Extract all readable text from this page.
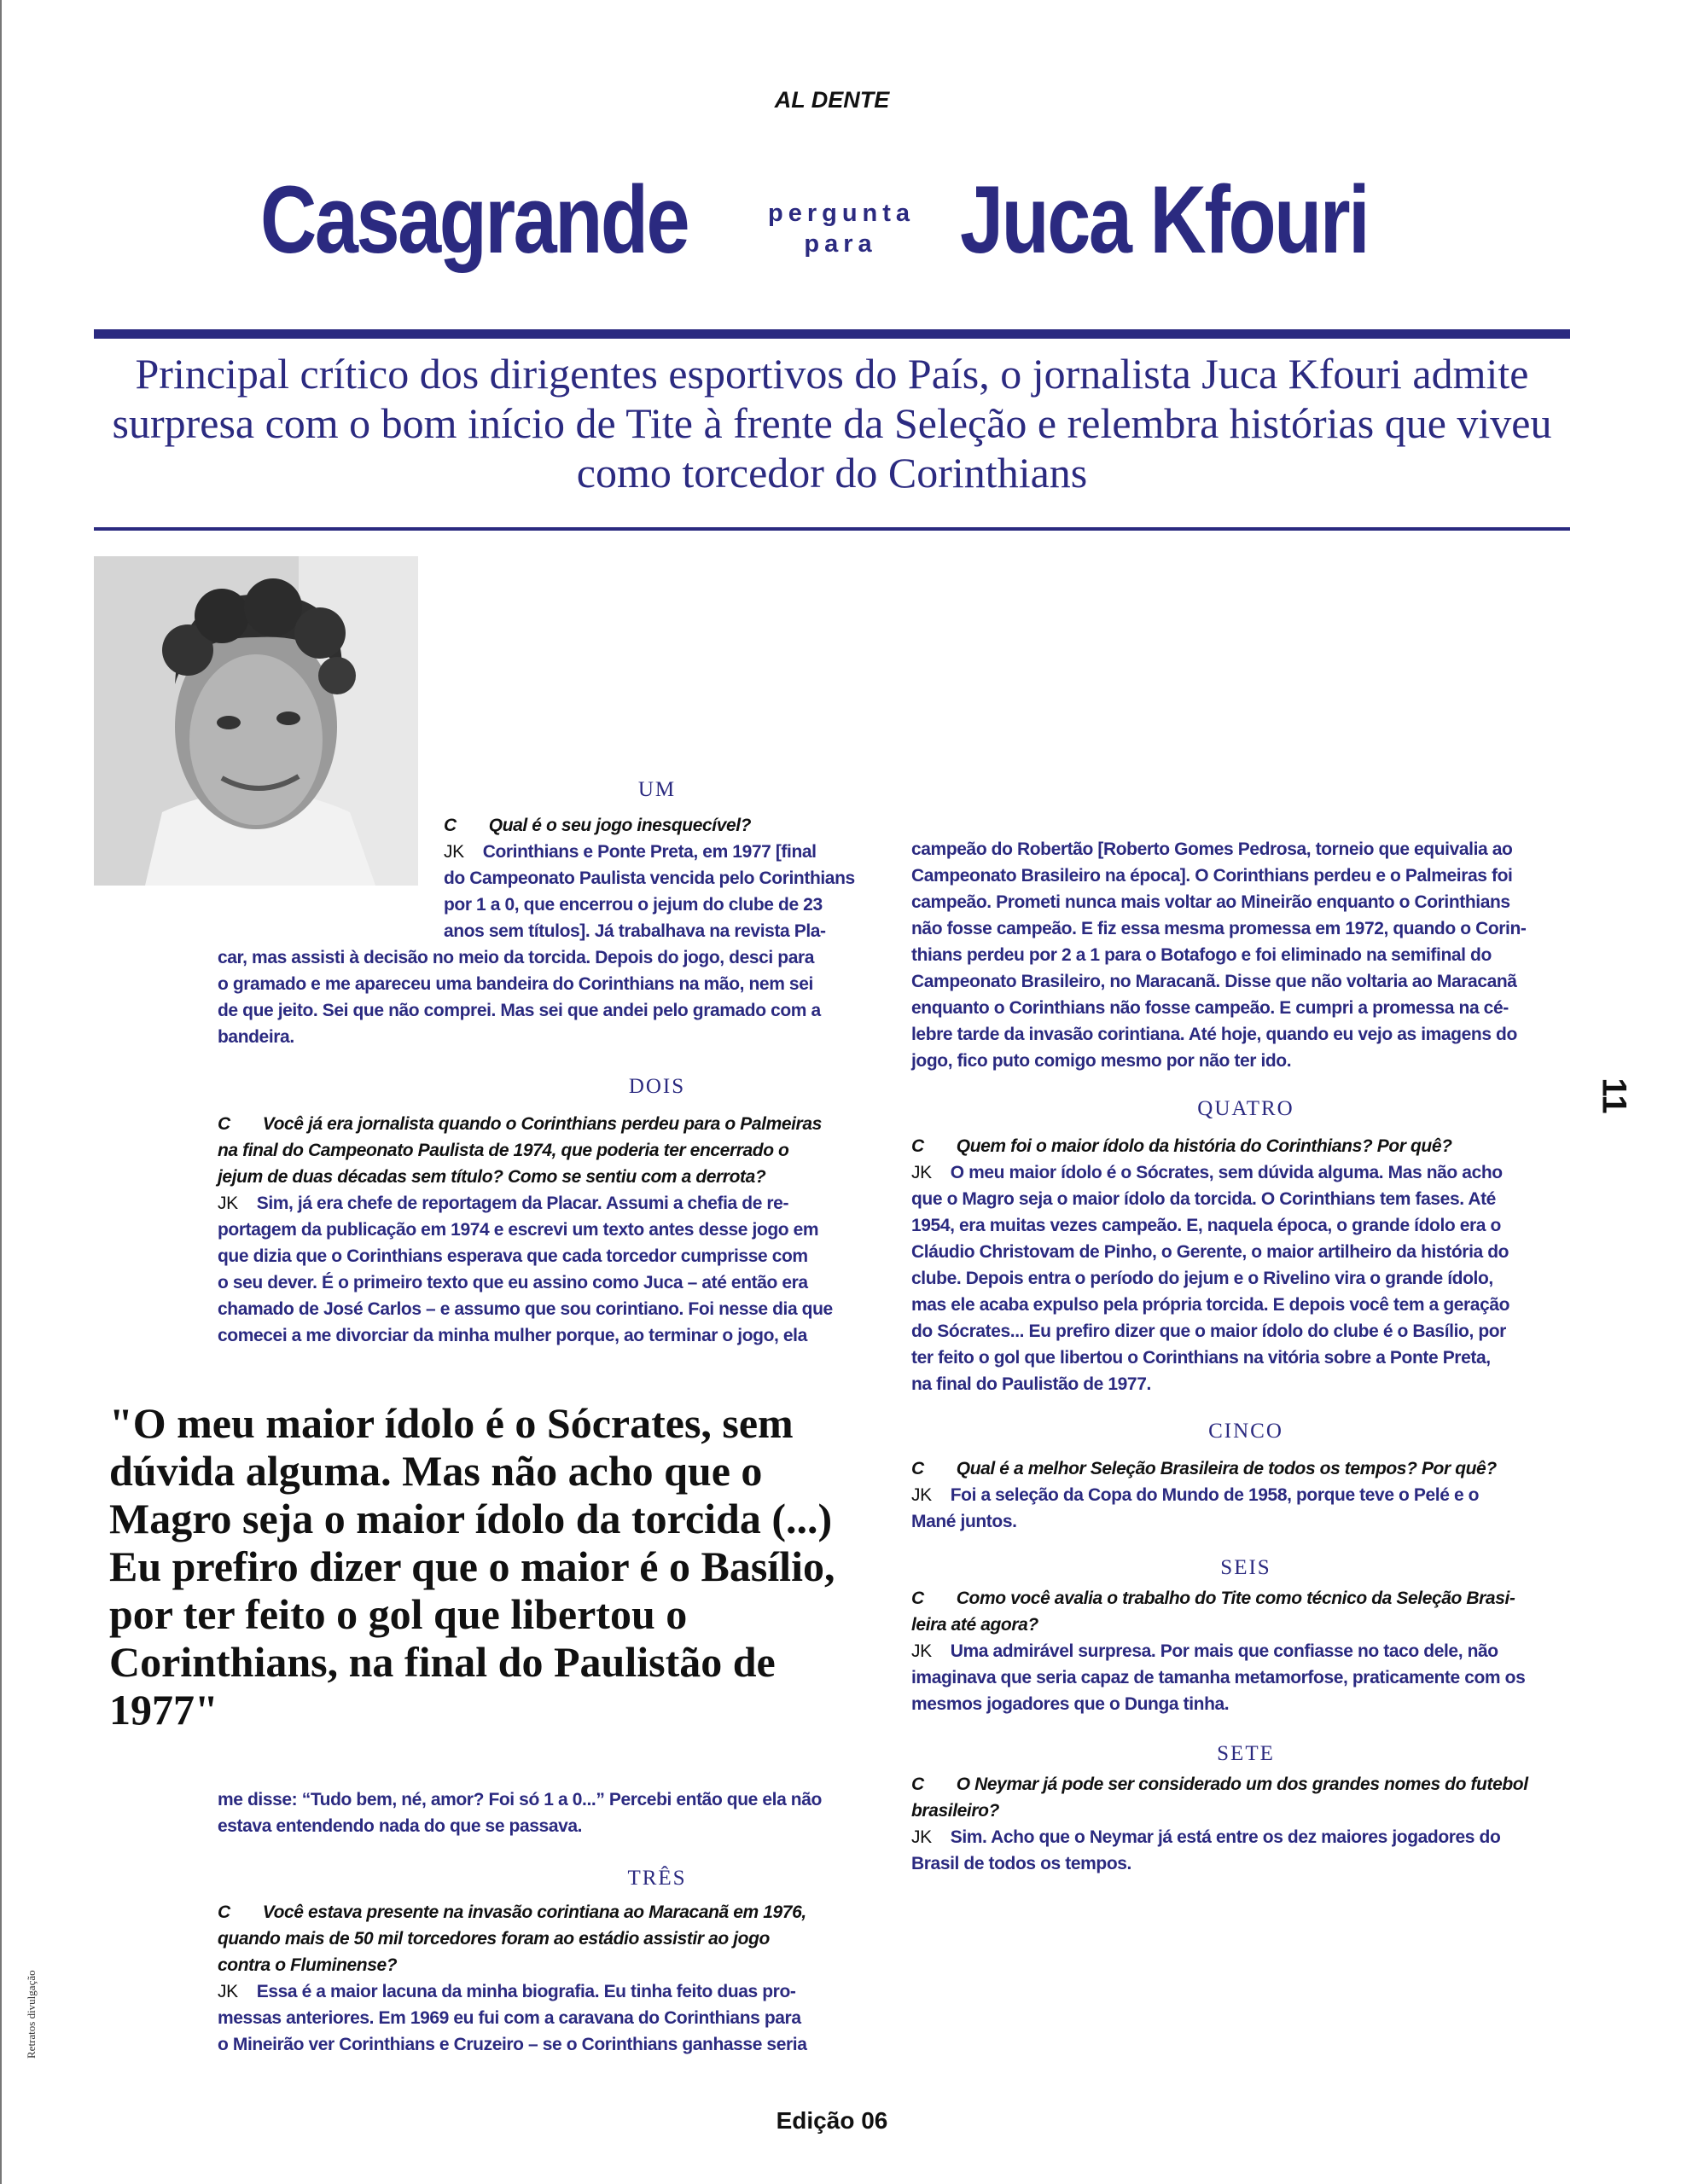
AL DENTE
Casagrande	pergunta
para Juca Kfouri
Principal crítico dos dirigentes esportivos do País, o jornalista Juca Kfouri admite surpresa com o bom início de Tite à frente da Seleção e relembra histórias que viveu como torcedor do Corinthians
UM
C Qual é o seu jogo inesquecível?
JK Corinthians e Ponte Preta, em 1977 [final
do Campeonato Paulista vencida pelo Corinthians
por 1 a 0, que encerrou o jejum do clube de 23
anos sem títulos]. Já trabalhava na revista Pla-
car, mas assisti à decisão no meio da torcida. Depois do jogo, desci para
o gramado e me apareceu uma bandeira do Corinthians na mão, nem sei
de que jeito. Sei que não comprei. Mas sei que andei pelo gramado com a
bandeira.
DOIS
C Você já era jornalista quando o Corinthians perdeu para o Palmeiras
na final do Campeonato Paulista de 1974, que poderia ter encerrado o
jejum de duas décadas sem título? Como se sentiu com a derrota?
JK Sim, já era chefe de reportagem da Placar. Assumi a chefia de re-
portagem da publicação em 1974 e escrevi um texto antes desse jogo em
que dizia que o Corinthians esperava que cada torcedor cumprisse com
o seu dever. É o primeiro texto que eu assino como Juca – até então era
chamado de José Carlos – e assumo que sou corintiano. Foi nesse dia que
comecei a me divorciar da minha mulher porque, ao terminar o jogo, ela
"O meu maior ídolo é o Sócrates, sem dúvida alguma. Mas não acho que o Magro seja o maior ídolo da torcida (...) Eu prefiro dizer que o maior é o Basílio, por ter feito o gol que libertou o Corinthians, na final do Paulistão de 1977"
me disse: “Tudo bem, né, amor? Foi só 1 a 0...” Percebi então que ela não
estava entendendo nada do que se passava.
TRÊS
C Você estava presente na invasão corintiana ao Maracanã em 1976,
quando mais de 50 mil torcedores foram ao estádio assistir ao jogo
contra o Fluminense?
JK Essa é a maior lacuna da minha biografia. Eu tinha feito duas pro-
messas anteriores. Em 1969 eu fui com a caravana do Corinthians para
o Mineirão ver Corinthians e Cruzeiro – se o Corinthians ganhasse seria
campeão do Robertão [Roberto Gomes Pedrosa, torneio que equivalia ao
Campeonato Brasileiro na época]. O Corinthians perdeu e o Palmeiras foi
campeão. Prometi nunca mais voltar ao Mineirão enquanto o Corinthians
não fosse campeão. E fiz essa mesma promessa em 1972, quando o Corin-
thians perdeu por 2 a 1 para o Botafogo e foi eliminado na semifinal do
Campeonato Brasileiro, no Maracanã. Disse que não voltaria ao Maracanã
enquanto o Corinthians não fosse campeão. E cumpri a promessa na cé-
lebre tarde da invasão corintiana. Até hoje, quando eu vejo as imagens do
jogo, fico puto comigo mesmo por não ter ido.
QUATRO
C Quem foi o maior ídolo da história do Corinthians? Por quê?
JK O meu maior ídolo é o Sócrates, sem dúvida alguma. Mas não acho
que o Magro seja o maior ídolo da torcida. O Corinthians tem fases. Até
1954, era muitas vezes campeão. E, naquela época, o grande ídolo era o
Cláudio Christovam de Pinho, o Gerente, o maior artilheiro da história do
clube. Depois entra o período do jejum e o Rivelino vira o grande ídolo,
mas ele acaba expulso pela própria torcida. E depois você tem a geração
do Sócrates... Eu prefiro dizer que o maior ídolo do clube é o Basílio, por
ter feito o gol que libertou o Corinthians na vitória sobre a Ponte Preta,
na final do Paulistão de 1977.
CINCO
C Qual é a melhor Seleção Brasileira de todos os tempos? Por quê?
JK Foi a seleção da Copa do Mundo de 1958, porque teve o Pelé e o
Mané juntos.
SEIS
C Como você avalia o trabalho do Tite como técnico da Seleção Brasi-
leira até agora?
JK Uma admirável surpresa. Por mais que confiasse no taco dele, não
imaginava que seria capaz de tamanha metamorfose, praticamente com os
mesmos jogadores que o Dunga tinha.
SETE
C O Neymar já pode ser considerado um dos grandes nomes do futebol
brasileiro?
JK Sim. Acho que o Neymar já está entre os dez maiores jogadores do
Brasil de todos os tempos.
11
Retratos divulgação
Edição 06
